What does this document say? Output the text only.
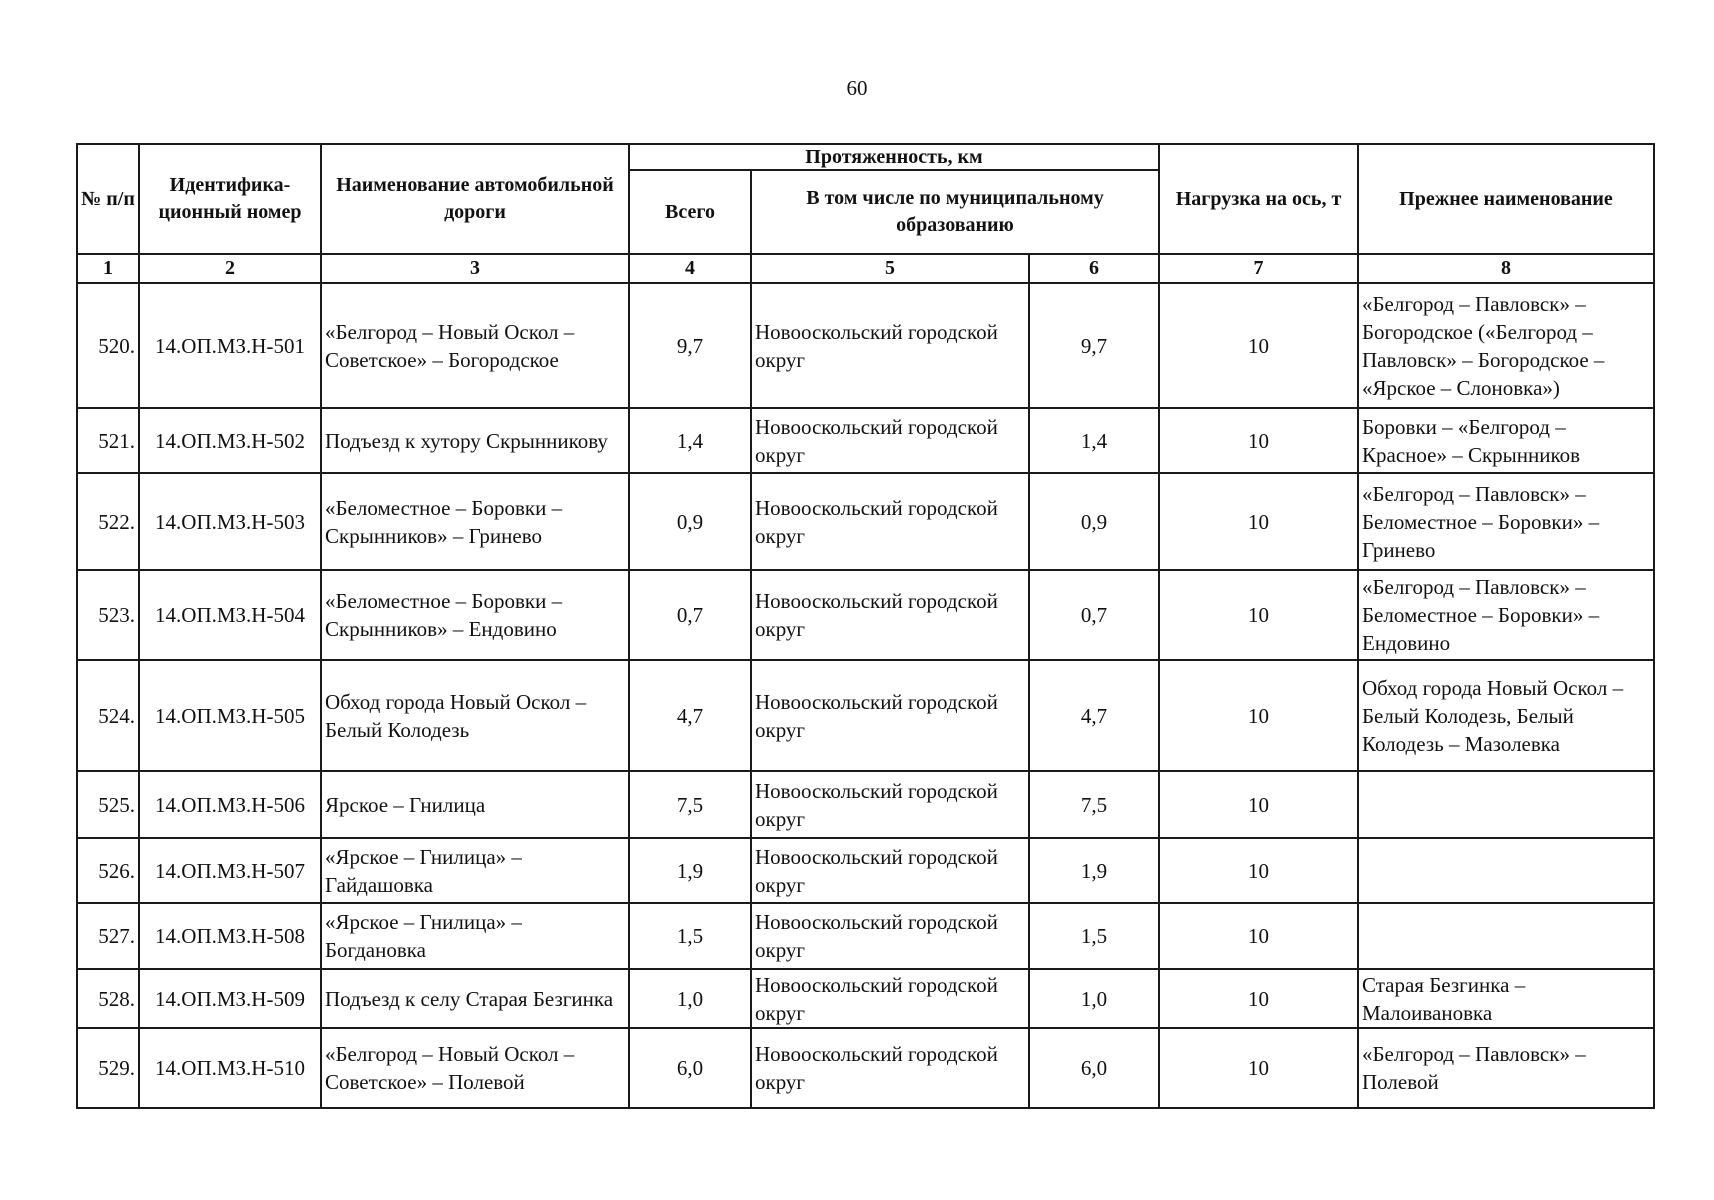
60
№ п/п	Идентифика-ционный номер	Наименование автомобильной дороги	Протяженность, км			Нагрузка на ось, т	Прежнее наименование
			Всего	В том числе по муниципальному образованию			
1	2	3	4	5	6	7	8
520.	14.ОП.МЗ.Н-501	«Белгород – Новый Оскол – Советское» – Богородское	9,7	Новооскольский городской округ	9,7	10	«Белгород – Павловск» – Богородское («Белгород – Павловск» – Богородское – «Ярское – Слоновка»)
521.	14.ОП.МЗ.Н-502	Подъезд к хутору Скрынникову	1,4	Новооскольский городской округ	1,4	10	Боровки – «Белгород – Красное» – Скрынников
522.	14.ОП.МЗ.Н-503	«Беломестное – Боровки – Скрынников» – Гринево	0,9	Новооскольский городской округ	0,9	10	«Белгород – Павловск» – Беломестное – Боровки» – Гринево
523.	14.ОП.МЗ.Н-504	«Беломестное – Боровки – Скрынников» – Ендовино	0,7	Новооскольский городской округ	0,7	10	«Белгород – Павловск» – Беломестное – Боровки» – Ендовино
524.	14.ОП.МЗ.Н-505	Обход города Новый Оскол – Белый Колодезь	4,7	Новооскольский городской округ	4,7	10	Обход города Новый Оскол – Белый Колодезь, Белый Колодезь – Мазолевка
525.	14.ОП.МЗ.Н-506	Ярское – Гнилица	7,5	Новооскольский городской округ	7,5	10	
526.	14.ОП.МЗ.Н-507	«Ярское – Гнилица» – Гайдашовка	1,9	Новооскольский городской округ	1,9	10	
527.	14.ОП.МЗ.Н-508	«Ярское – Гнилица» – Богдановка	1,5	Новооскольский городской округ	1,5	10	
528.	14.ОП.МЗ.Н-509	Подъезд к селу Старая Безгинка	1,0	Новооскольский городской округ	1,0	10	Старая Безгинка – Малоивановка
529.	14.ОП.МЗ.Н-510	«Белгород – Новый Оскол – Советское» – Полевой	6,0	Новооскольский городской округ	6,0	10	«Белгород – Павловск» – Полевой
